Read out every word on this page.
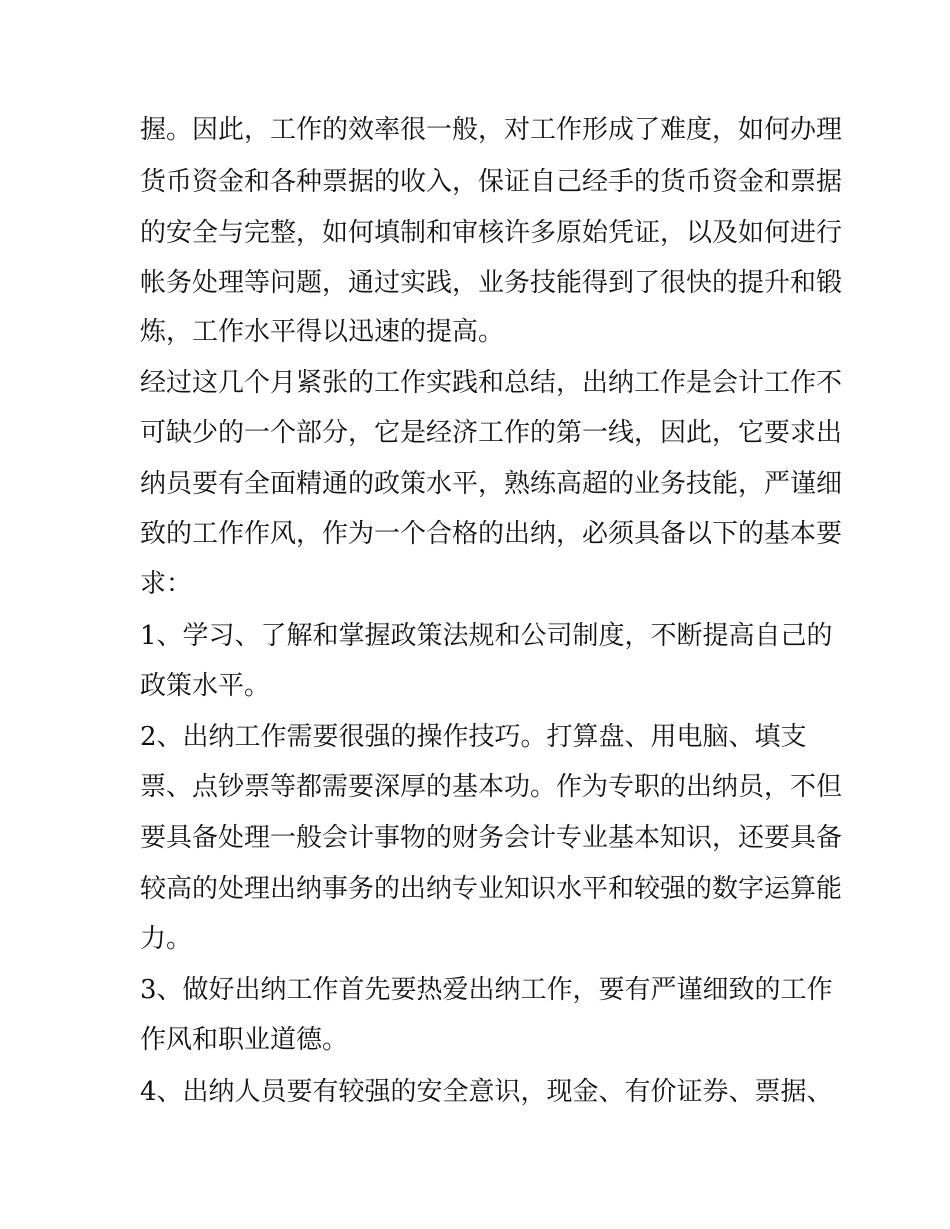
握。因此，工作的效率很一般，对工作形成了难度，如何办理
货币资金和各种票据的收入，保证自己经手的货币资金和票据
的安全与完整，如何填制和审核许多原始凭证，以及如何进行
帐务处理等问题，通过实践，业务技能得到了很快的提升和锻
炼，工作水平得以迅速的提高。
经过这几个月紧张的工作实践和总结，出纳工作是会计工作不
可缺少的一个部分，它是经济工作的第一线，因此，它要求出
纳员要有全面精通的政策水平，熟练高超的业务技能，严谨细
致的工作作风，作为一个合格的出纳，必须具备以下的基本要
求：
1、学习、了解和掌握政策法规和公司制度，不断提高自己的
政策水平。
2、出纳工作需要很强的操作技巧。打算盘、用电脑、填支
票、点钞票等都需要深厚的基本功。作为专职的出纳员，不但
要具备处理一般会计事物的财务会计专业基本知识，还要具备
较高的处理出纳事务的出纳专业知识水平和较强的数字运算能
力。
3、做好出纳工作首先要热爱出纳工作，要有严谨细致的工作
作风和职业道德。
4、出纳人员要有较强的安全意识，现金、有价证券、票据、
